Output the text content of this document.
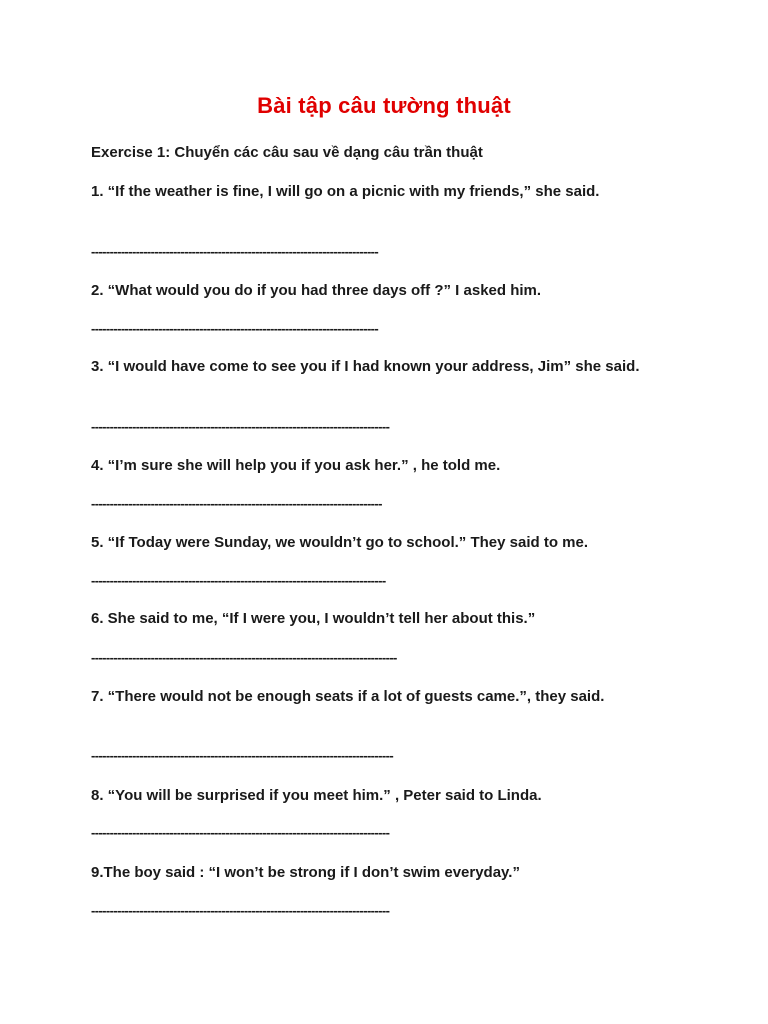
Bài tập câu tường thuật

Exercise 1: Chuyển các câu sau về dạng câu trần thuật

1. “If the weather is fine, I will go on a picnic with my friends,” she said.

-----------------------------------------------------------------------------

2. “What would you do if you had three days off ?” I asked him.

-----------------------------------------------------------------------------

3. “I would have come to see you if I had known your address, Jim” she said.

--------------------------------------------------------------------------------

4. “I’m sure she will help you if you ask her.” , he told me.

------------------------------------------------------------------------------

5. “If Today were Sunday, we wouldn’t go to school.” They said to me.

-------------------------------------------------------------------------------

6. She said to me, “If I were you, I wouldn’t tell her about this.”

----------------------------------------------------------------------------------

7. “There would not be enough seats if a lot of guests came.”, they said.

---------------------------------------------------------------------------------

8. “You will be surprised if you meet him.” , Peter said to Linda.

--------------------------------------------------------------------------------

9.The boy said : “I won’t be strong if I don’t swim everyday.”

--------------------------------------------------------------------------------
